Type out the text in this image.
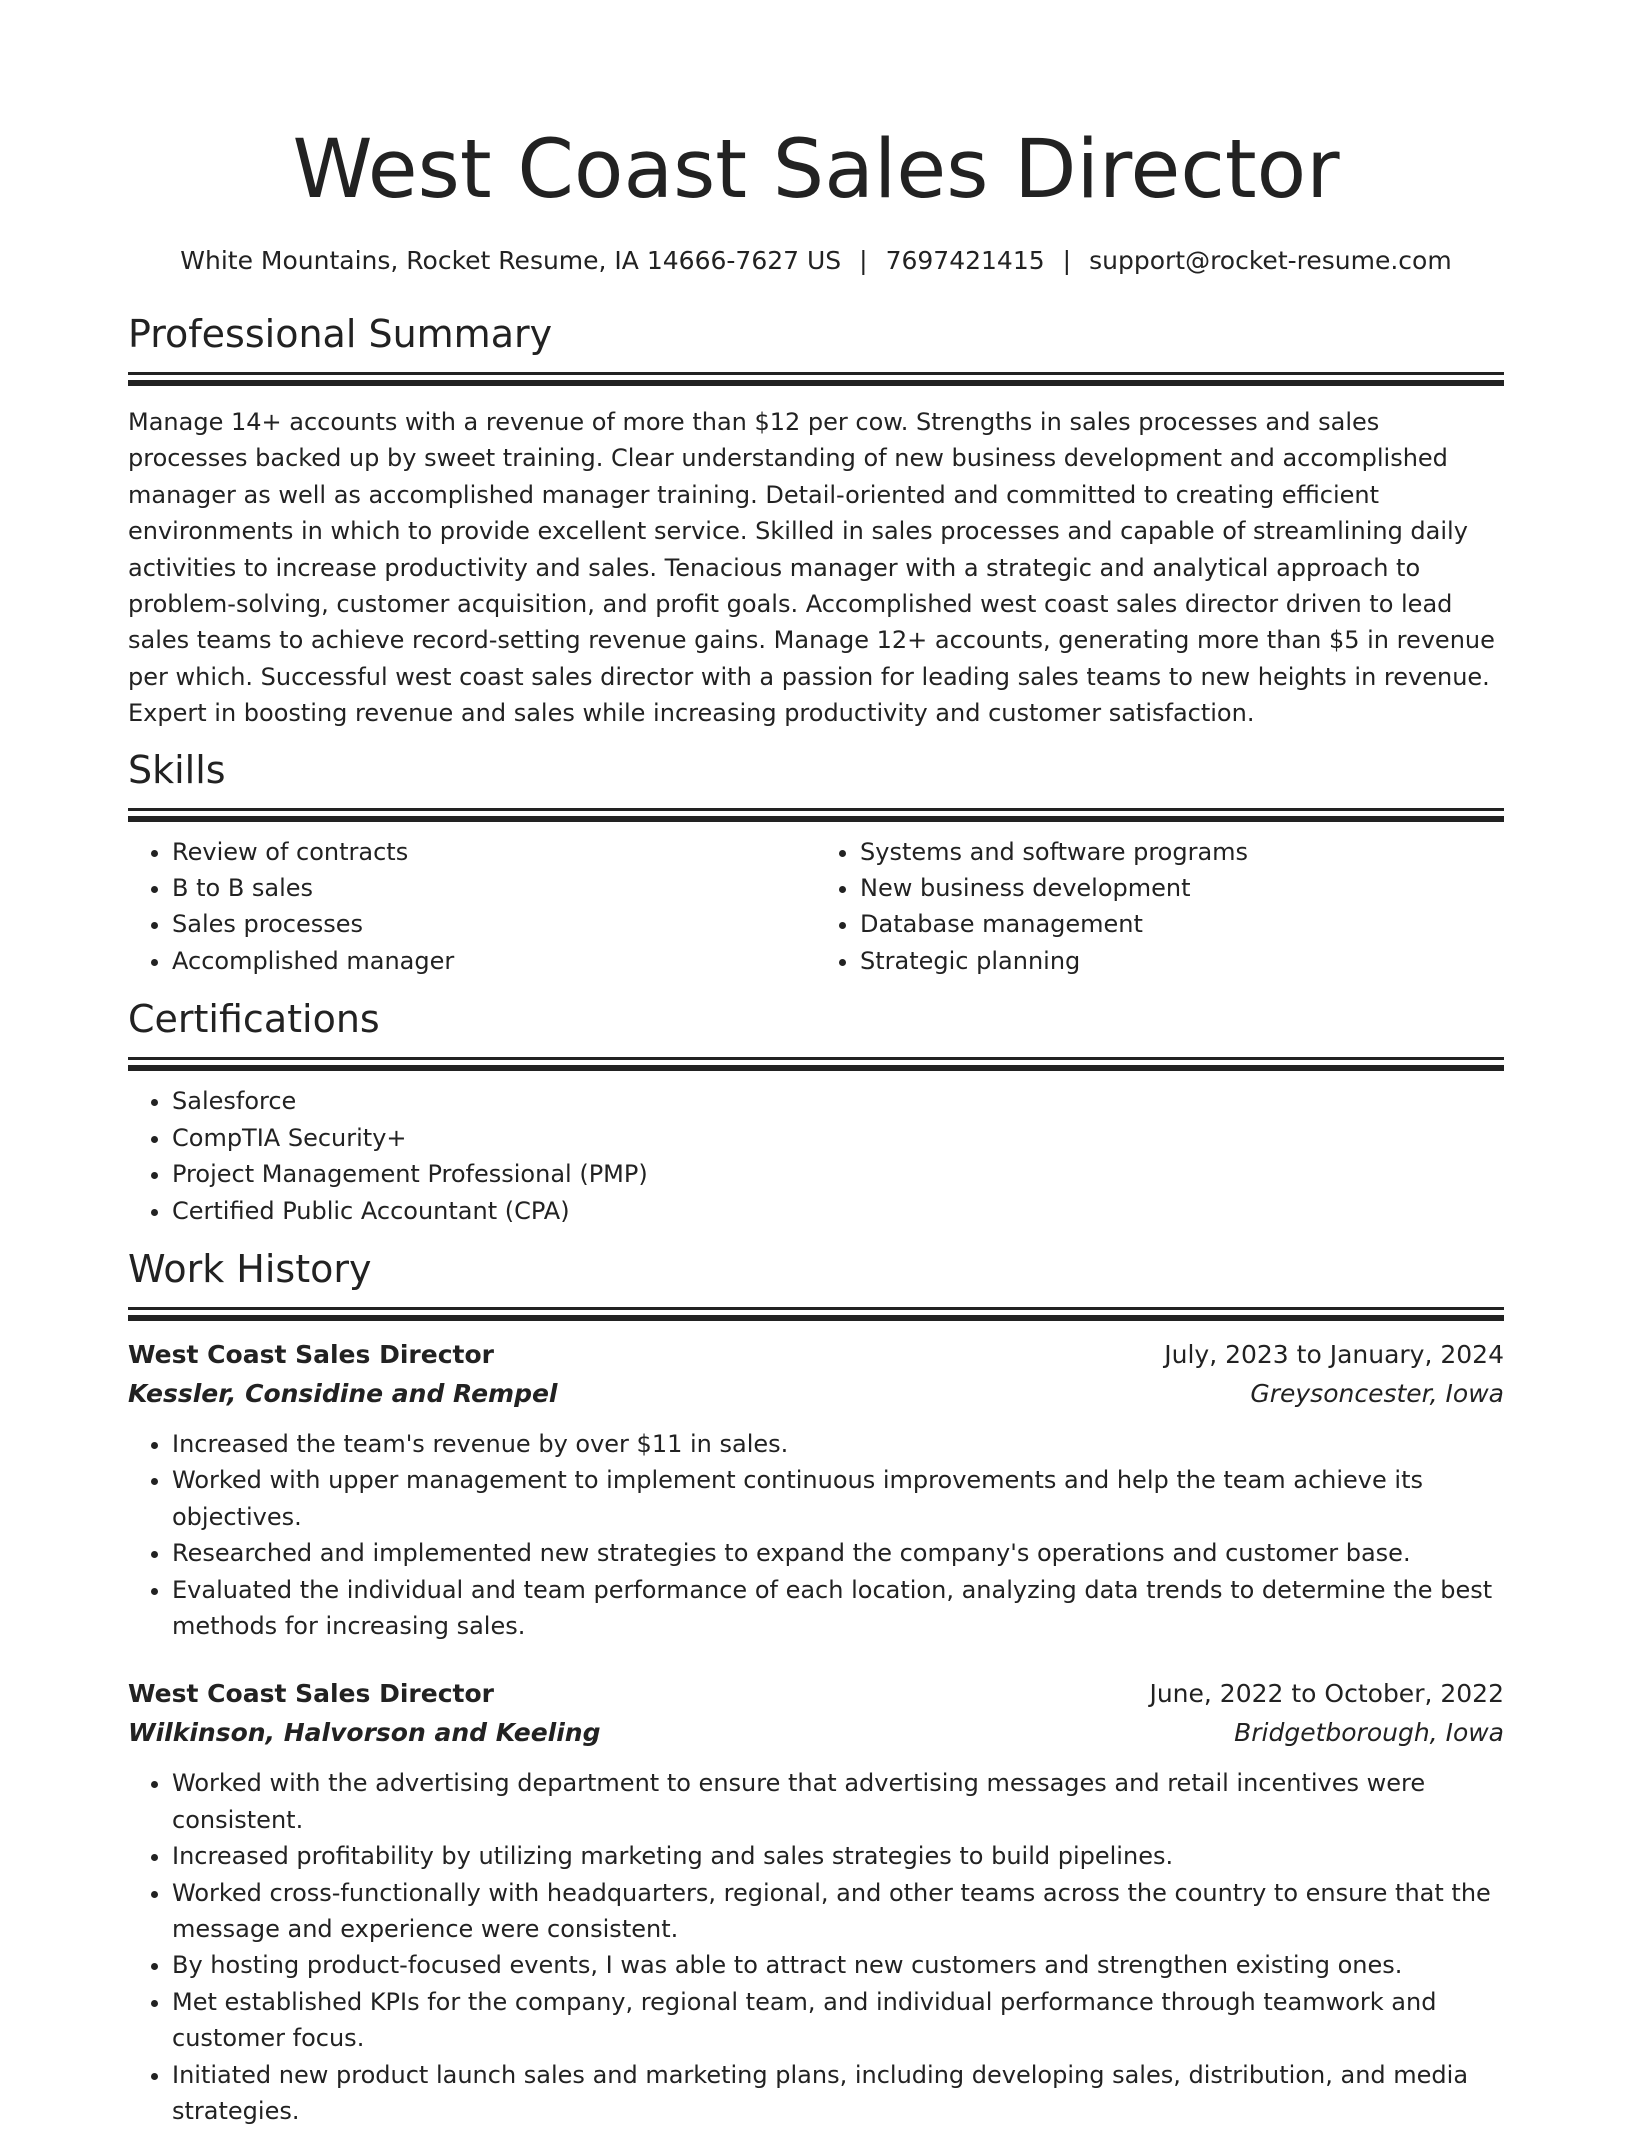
West Coast Sales Director
White Mountains, Rocket Resume, IA 14666-7627 US | 7697421415 | support@rocket-resume.com
Professional Summary

Manage 14+ accounts with a revenue of more than $12 per cow. Strengths in sales processes and sales processes backed up by sweet training. Clear understanding of new business development and accomplished manager as well as accomplished manager training. Detail-oriented and committed to creating efficient environments in which to provide excellent service. Skilled in sales processes and capable of streamlining daily activities to increase productivity and sales. Tenacious manager with a strategic and analytical approach to problem-solving, customer acquisition, and profit goals. Accomplished west coast sales director driven to lead sales teams to achieve record-setting revenue gains. Manage 12+ accounts, generating more than $5 in revenue per which. Successful west coast sales director with a passion for leading sales teams to new heights in revenue. Expert in boosting revenue and sales while increasing productivity and customer satisfaction.

Skills
• Review of contracts
• B to B sales
• Sales processes
• Accomplished manager
• Systems and software programs
• New business development
• Database management
• Strategic planning
Certifications
• Salesforce
• CompTIA Security+
• Project Management Professional (PMP)
• Certified Public Accountant (CPA)
Work History
West Coast Sales Director	July, 2023 to January, 2024
Kessler, Considine and Rempel	Greysoncester, Iowa
• Increased the team's revenue by over $11 in sales.
• Worked with upper management to implement continuous improvements and help the team achieve its objectives.
• Researched and implemented new strategies to expand the company's operations and customer base.
• Evaluated the individual and team performance of each location, analyzing data trends to determine the best methods for increasing sales.
West Coast Sales Director	June, 2022 to October, 2022
Wilkinson, Halvorson and Keeling	Bridgetborough, Iowa
• Worked with the advertising department to ensure that advertising messages and retail incentives were consistent.
• Increased profitability by utilizing marketing and sales strategies to build pipelines.
• Worked cross-functionally with headquarters, regional, and other teams across the country to ensure that the message and experience were consistent.
• By hosting product-focused events, I was able to attract new customers and strengthen existing ones.
• Met established KPIs for the company, regional team, and individual performance through teamwork and customer focus.
• Initiated new product launch sales and marketing plans, including developing sales, distribution, and media strategies.
